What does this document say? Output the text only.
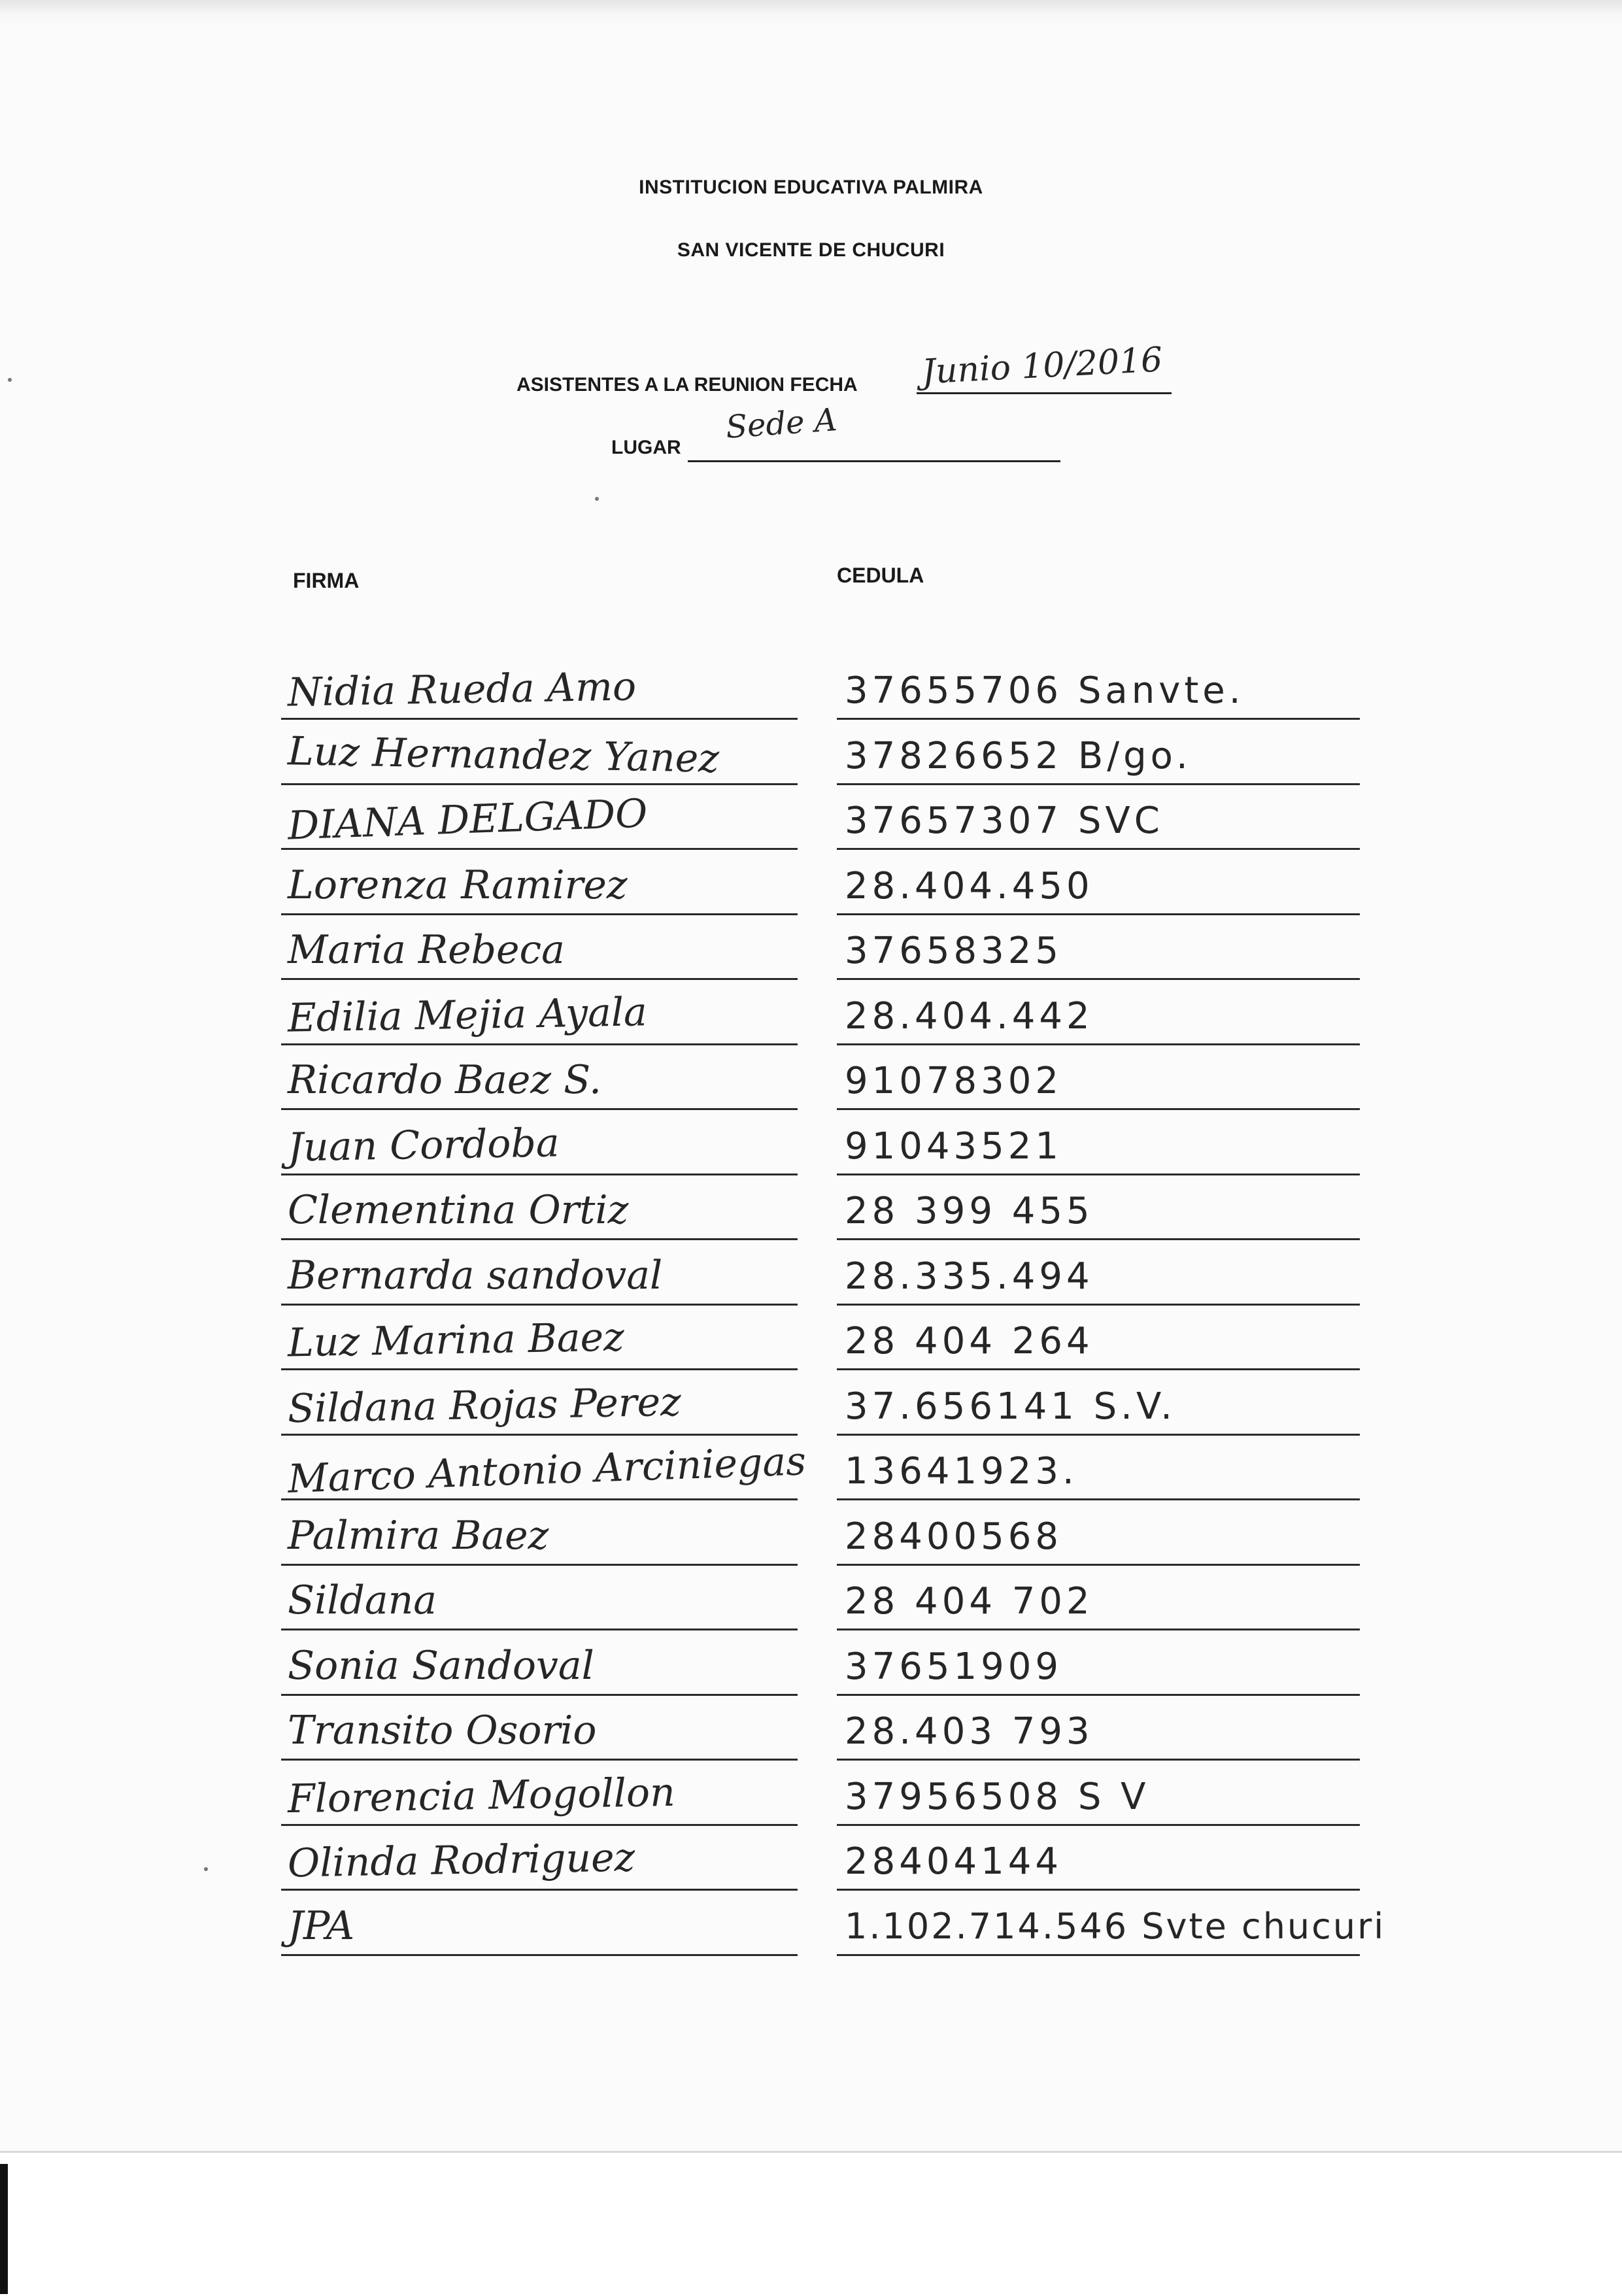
INSTITUCION EDUCATIVA PALMIRA
SAN VICENTE DE CHUCURI
ASISTENTES A LA REUNION FECHA Junio 10/2016
LUGAR
Sede A
FIRMA	CEDULA
Nidia Rueda Amo	37655706 Sanvte.
Luz Hernandez Yanez	37826652 B/go.
DIANA DELGADO	37657307 SVC
Lorenza Ramirez	28.404.450
Maria Rebeca	37658325
Edilia Mejia Ayala	28.404.442
Ricardo Baez S.	91078302
Juan Cordoba	91043521
Clementina Ortiz	28 399 455
Bernarda sandoval	28.335.494
Luz Marina Baez	28 404 264
Sildana Rojas Perez	37.656141 S.V.
Marco Antonio Arciniegas 13641923.
Palmira Baez	28400568
Sildana	28 404 702
Sonia Sandoval	37651909
Transito Osorio	28.403 793
Florencia Mogollon	37956508 S V
Olinda Rodriguez	28404144
JPA	1.102.714.546 Svte chucuri
